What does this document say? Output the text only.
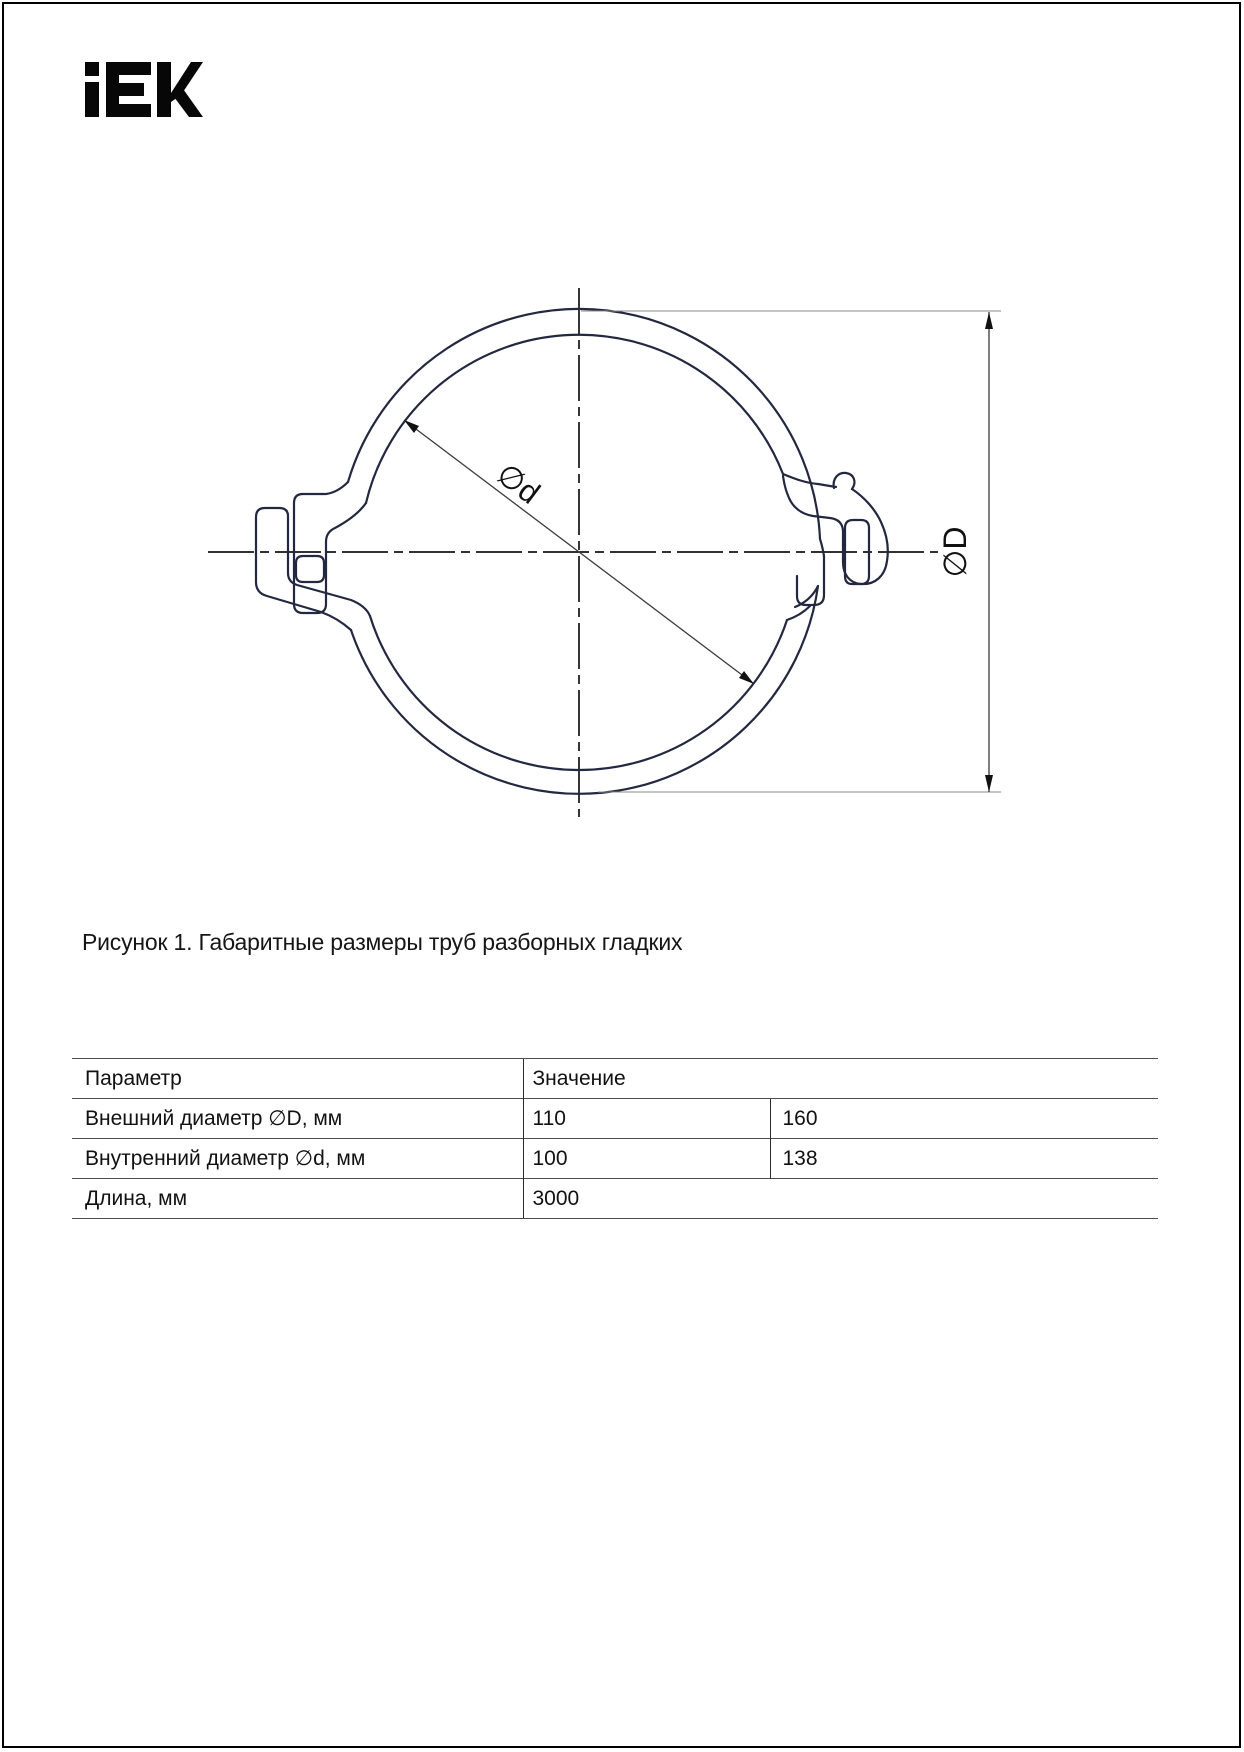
∅d
∅D
Рисунок 1. Габаритные размеры труб разборных гладких
Параметр	Значение	
Внешний диаметр ∅D, мм	110	160
Внутренний диаметр ∅d, мм	100	138
Длина, мм	3000	
